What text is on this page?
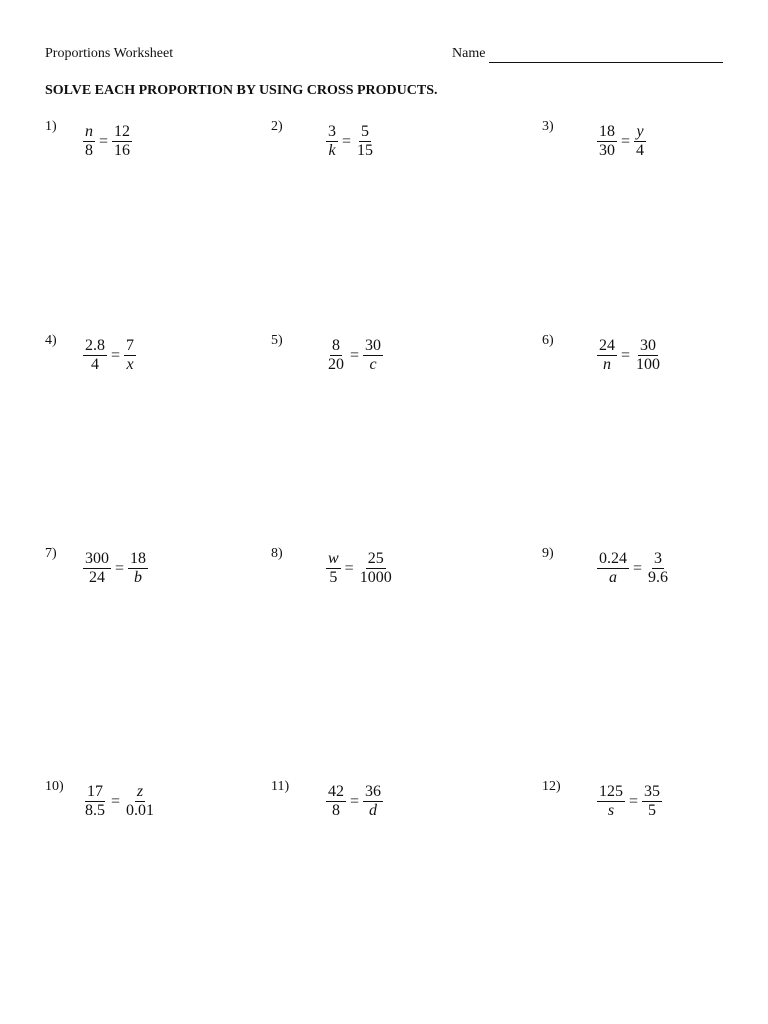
Proportions Worksheet	Name
SOLVE EACH PROPORTION BY USING CROSS PRODUCTS.
$1) \frac{n}{8} = \frac{12}{16}$	2)	$\frac{3}{k} = \frac{5}{15}$	3)	$\frac{18}{30} = \frac{y}{4}$
$4) \frac{2.8}{4} = \frac{7}{x}$	5)	$\frac{8}{20} = \frac{30}{c}$	6)	$\frac{24}{n} = \frac{30}{100}$
$7) \frac{300}{24} = \frac{18}{b}$	8)	$\frac{w}{5} = \frac{25}{1000}$	9)	$\frac{0.24}{a} = \frac{3}{9.6}$
$10) \frac{17}{8.5} = \frac{z}{0.01}$	$11) \frac{42}{8} = \frac{36}{d}$	$12) \frac{125}{s} = \frac{35}{5}$
